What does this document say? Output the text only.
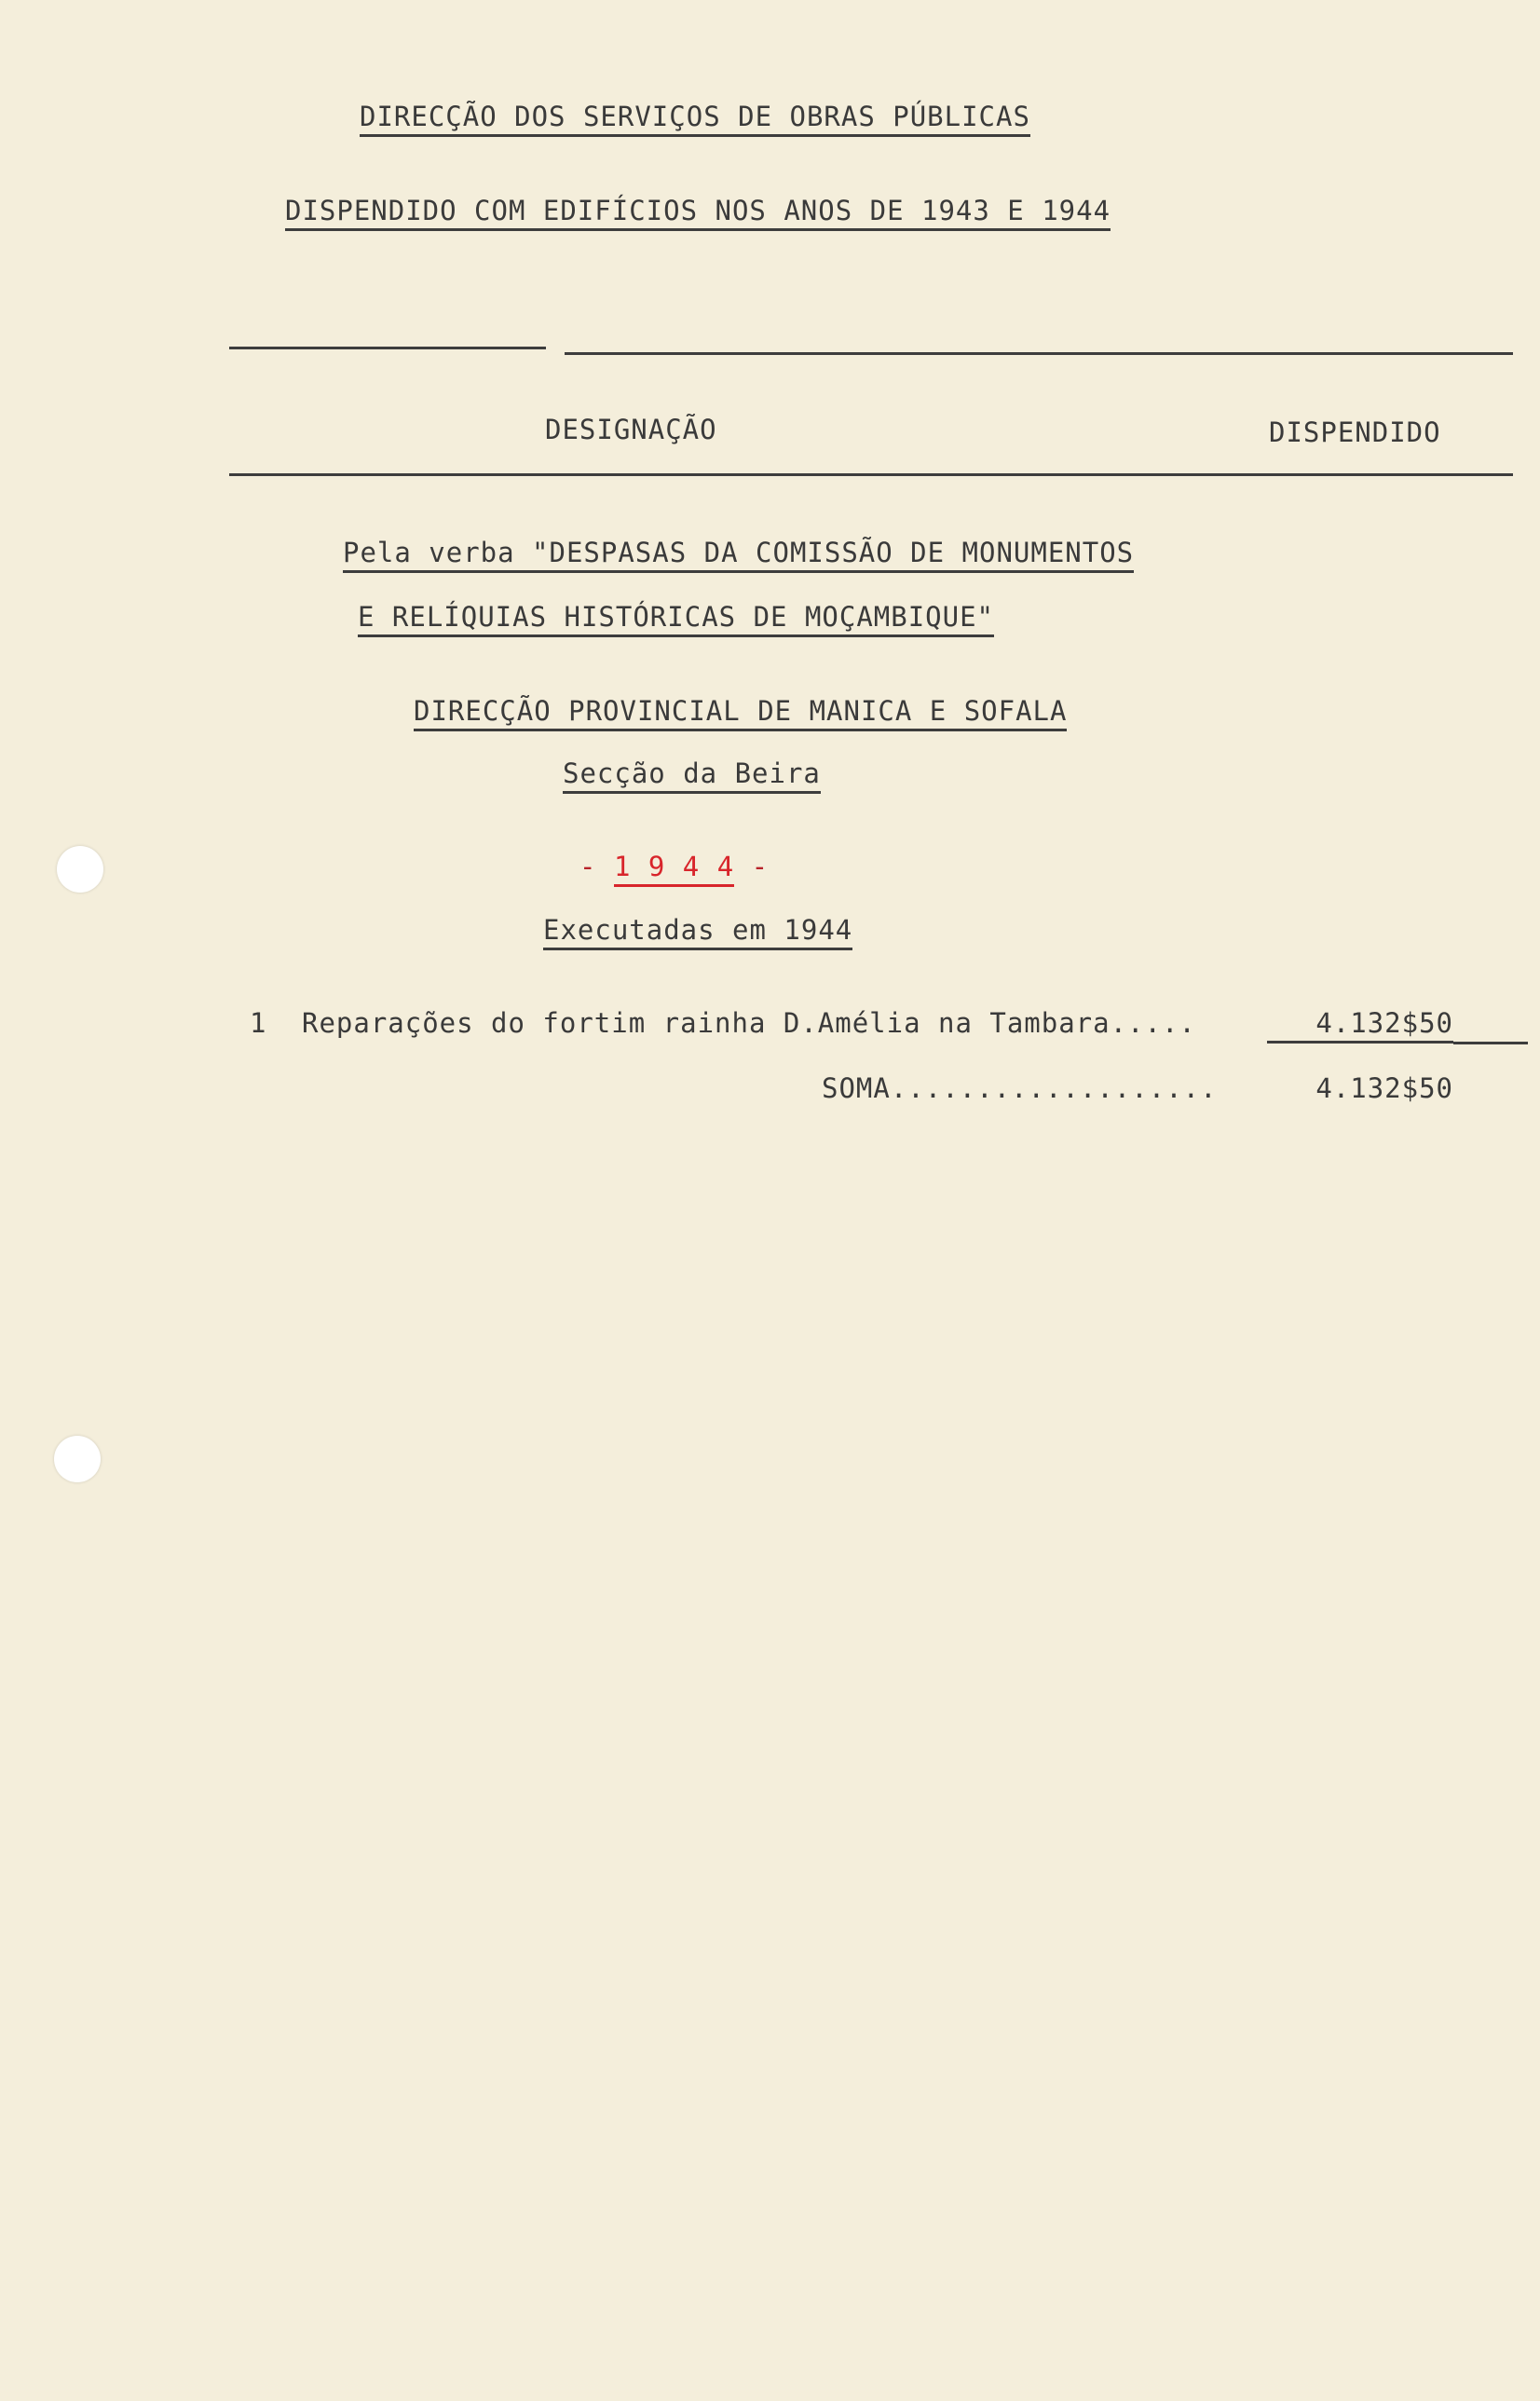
DIRECÇÃO DOS SERVIÇOS DE OBRAS PÚBLICAS
DISPENDIDO COM EDIFÍCIOS NOS ANOS DE 1943 E 1944
DESIGNAÇÃO	DISPENDIDO
Pela verba "DESPASAS DA COMISSÃO DE MONUMENTOS
E RELÍQUIAS HISTÓRICAS DE MOÇAMBIQUE"
DIRECÇÃO PROVINCIAL DE MANICA E SOFALA
Secção da Beira
- 1 9 4 4 -
Executadas em 1944
1 Reparações do fortim rainha D.Amélia na Tambara.....	4.132$50
SOMA...................	4.132$50
